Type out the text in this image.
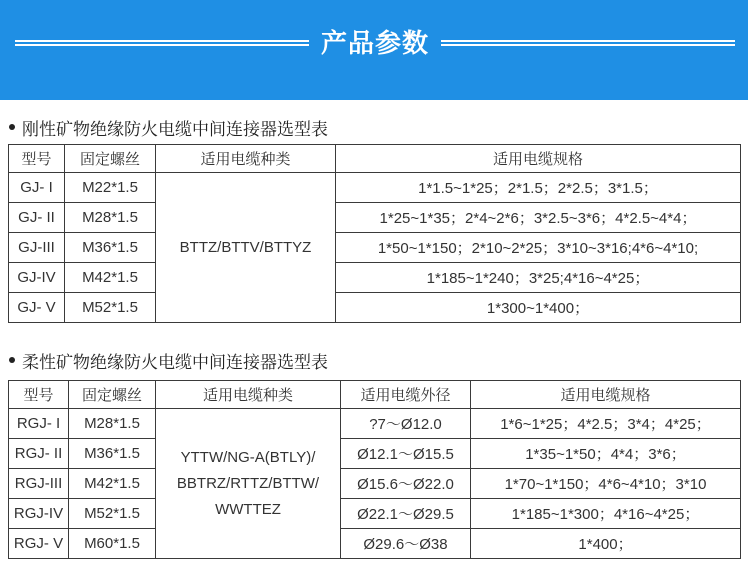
产品参数
刚性矿物绝缘防火电缆中间连接器选型表
型号	固定螺丝	适用电缆种类	适用电缆规格
GJ- I	M22*1.5	BTTZ/BTTV/BTTYZ	1*1.5~1*25；2*1.5；2*2.5；3*1.5；
GJ- II	M28*1.5		1*25~1*35；2*4~2*6；3*2.5~3*6；4*2.5~4*4；
GJ-III	M36*1.5		1*50~1*150；2*10~2*25；3*10~3*16;4*6~4*10;
GJ-IV	M42*1.5		1*185~1*240；3*25;4*16~4*25；
GJ- V	M52*1.5		1*300~1*400；
柔性矿物绝缘防火电缆中间连接器选型表
型号	固定螺丝	适用电缆种类	适用电缆外径	适用电缆规格
RGJ- I	M28*1.5	YTTW/NG-A(BTLY)/
BBTRZ/RTTZ/BTTW/
WWTTEZ	?7～Ø12.0	1*6~1*25；4*2.5；3*4；4*25；
RGJ- II	M36*1.5		Ø12.1～Ø15.5	1*35~1*50；4*4；3*6；
RGJ-III	M42*1.5		Ø15.6～Ø22.0	1*70~1*150；4*6~4*10；3*10
RGJ-IV	M52*1.5		Ø22.1～Ø29.5	1*185~1*300；4*16~4*25；
RGJ- V	M60*1.5		Ø29.6～Ø38	1*400；
